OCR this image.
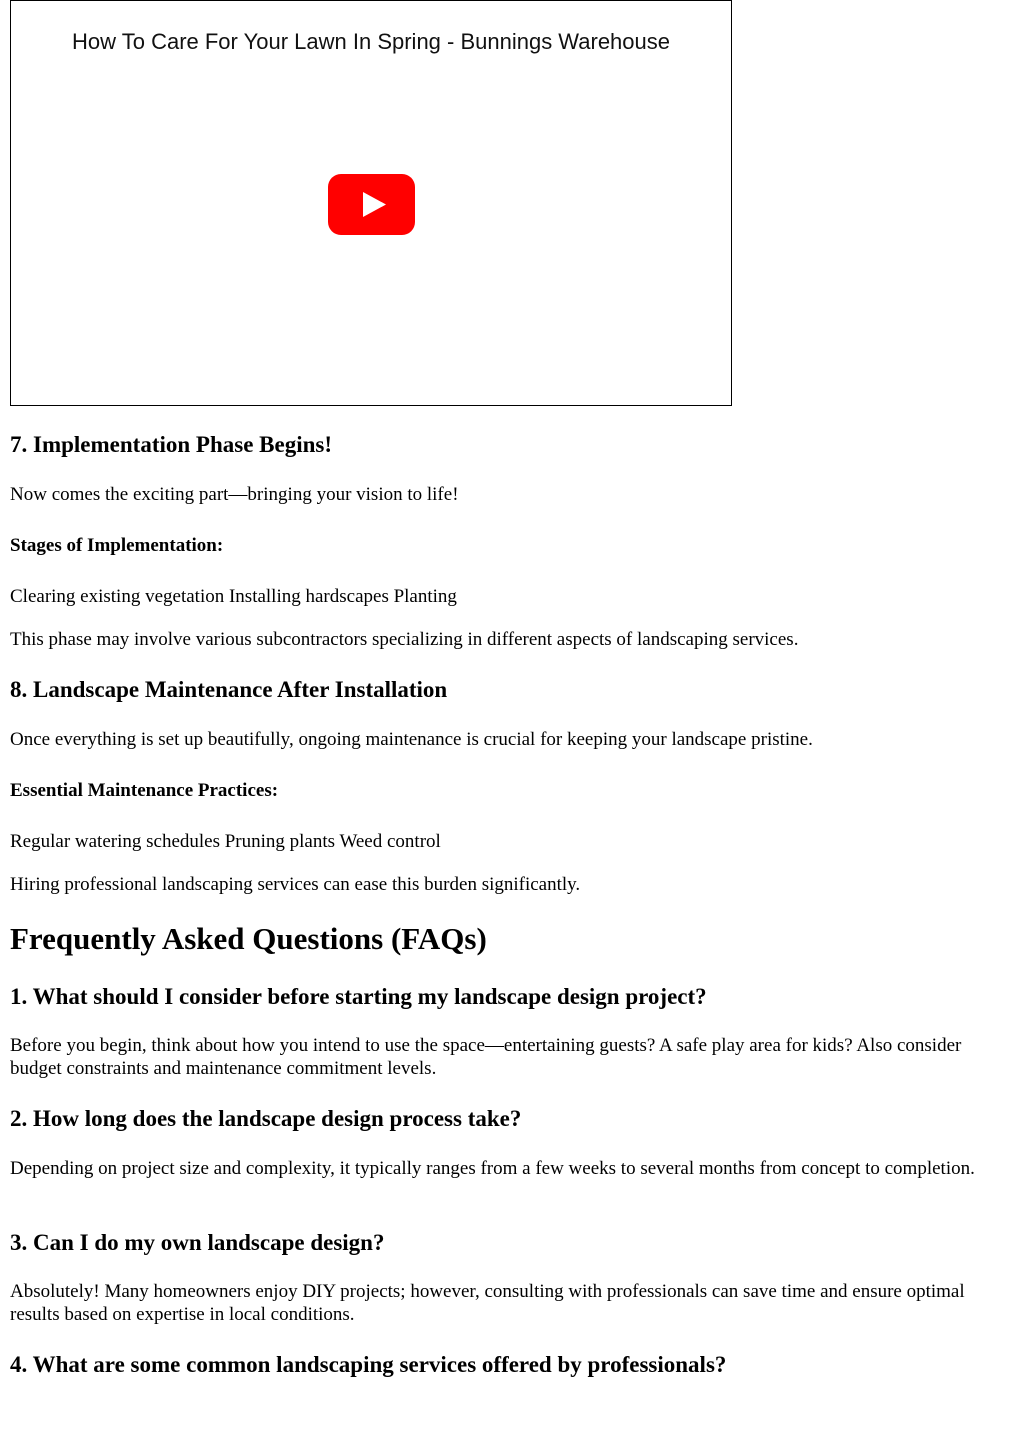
How To Care For Your Lawn In Spring - Bunnings Warehouse
7. Implementation Phase Begins!

Now comes the exciting part—bringing your vision to life!

Stages of Implementation:

Clearing existing vegetation Installing hardscapes Planting

This phase may involve various subcontractors specializing in different aspects of landscaping services.

8. Landscape Maintenance After Installation

Once everything is set up beautifully, ongoing maintenance is crucial for keeping your landscape pristine.

Essential Maintenance Practices:

Regular watering schedules Pruning plants Weed control

Hiring professional landscaping services can ease this burden significantly.

Frequently Asked Questions (FAQs)
1. What should I consider before starting my landscape design project?

Before you begin, think about how you intend to use the space—entertaining guests? A safe play area for kids? Also consider budget constraints and maintenance commitment levels.

2. How long does the landscape design process take?

Depending on project size and complexity, it typically ranges from a few weeks to several months from concept to completion.

3. Can I do my own landscape design?

Absolutely! Many homeowners enjoy DIY projects; however, consulting with professionals can save time and ensure optimal results based on expertise in local conditions.

4. What are some common landscaping services offered by professionals?
